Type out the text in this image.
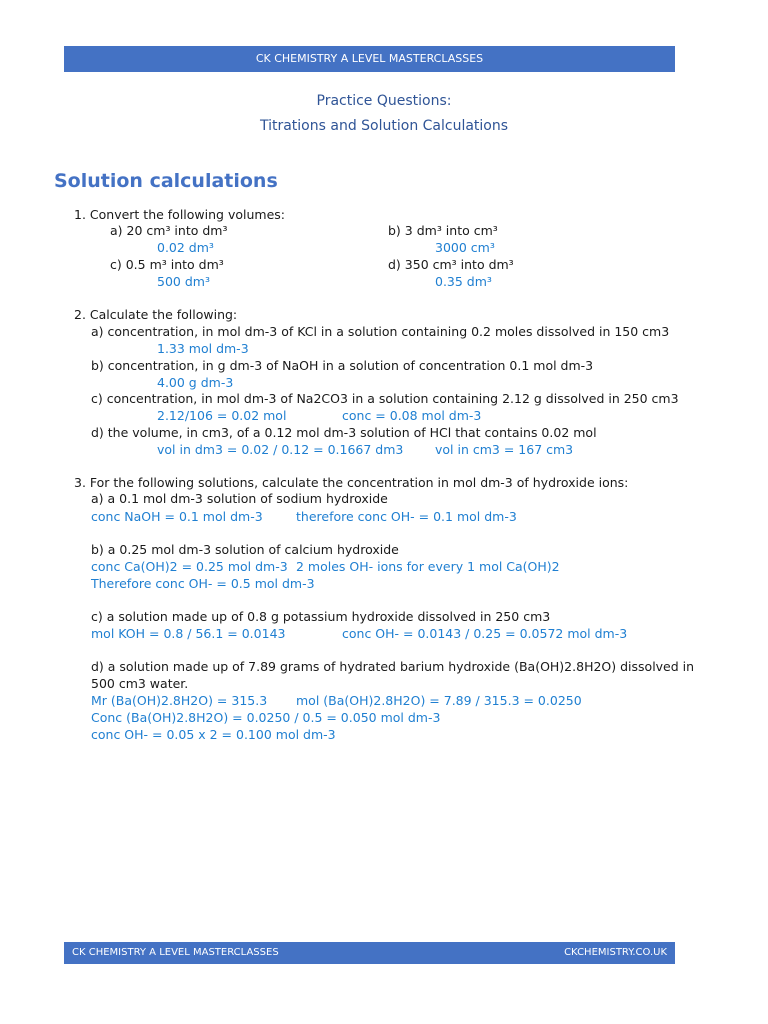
CK CHEMISTRY A LEVEL MASTERCLASSES
Practice Questions:
Titrations and Solution Calculations
Solution calculations
1. Convert the following volumes:
a) 20 cm³ into dm³
0.02 dm³
b) 3 dm³ into cm³
3000 cm³
c) 0.5 m³ into dm³
500 dm³
d) 350 cm³ into dm³
0.35 dm³
2. Calculate the following:
a) concentration, in mol dm-3 of KCl in a solution containing 0.2 moles dissolved in 150 cm3
1.33 mol dm-3
b) concentration, in g dm-3 of NaOH in a solution of concentration 0.1 mol dm-3
4.00 g dm-3
c) concentration, in mol dm-3 of Na2CO3 in a solution containing 2.12 g dissolved in 250 cm3
2.12/106 = 0.02 mol	conc = 0.08 mol dm-3
d) the volume, in cm3, of a 0.12 mol dm-3 solution of HCl that contains 0.02 mol
vol in dm3 = 0.02 / 0.12 = 0.1667 dm3	vol in cm3 = 167 cm3
3. For the following solutions, calculate the concentration in mol dm-3 of hydroxide ions:
a) a 0.1 mol dm-3 solution of sodium hydroxide
conc NaOH = 0.1 mol dm-3	therefore conc OH- = 0.1 mol dm-3
b) a 0.25 mol dm-3 solution of calcium hydroxide
conc Ca(OH)2 = 0.25 mol dm-3 2 moles OH- ions for every 1 mol Ca(OH)2
Therefore conc OH- = 0.5 mol dm-3
c) a solution made up of 0.8 g potassium hydroxide dissolved in 250 cm3
mol KOH = 0.8 / 56.1 = 0.0143	conc OH- = 0.0143 / 0.25 = 0.0572 mol dm-3
d) a solution made up of 7.89 grams of hydrated barium hydroxide (Ba(OH)2.8H2O) dissolved in
500 cm3 water.
Mr (Ba(OH)2.8H2O) = 315.3 mol (Ba(OH)2.8H2O) = 7.89 / 315.3 = 0.0250
Conc (Ba(OH)2.8H2O) = 0.0250 / 0.5 = 0.050 mol dm-3
conc OH- = 0.05 x 2 = 0.100 mol dm-3
CK CHEMISTRY A LEVEL MASTERCLASSES	CKCHEMISTRY.CO.UK
